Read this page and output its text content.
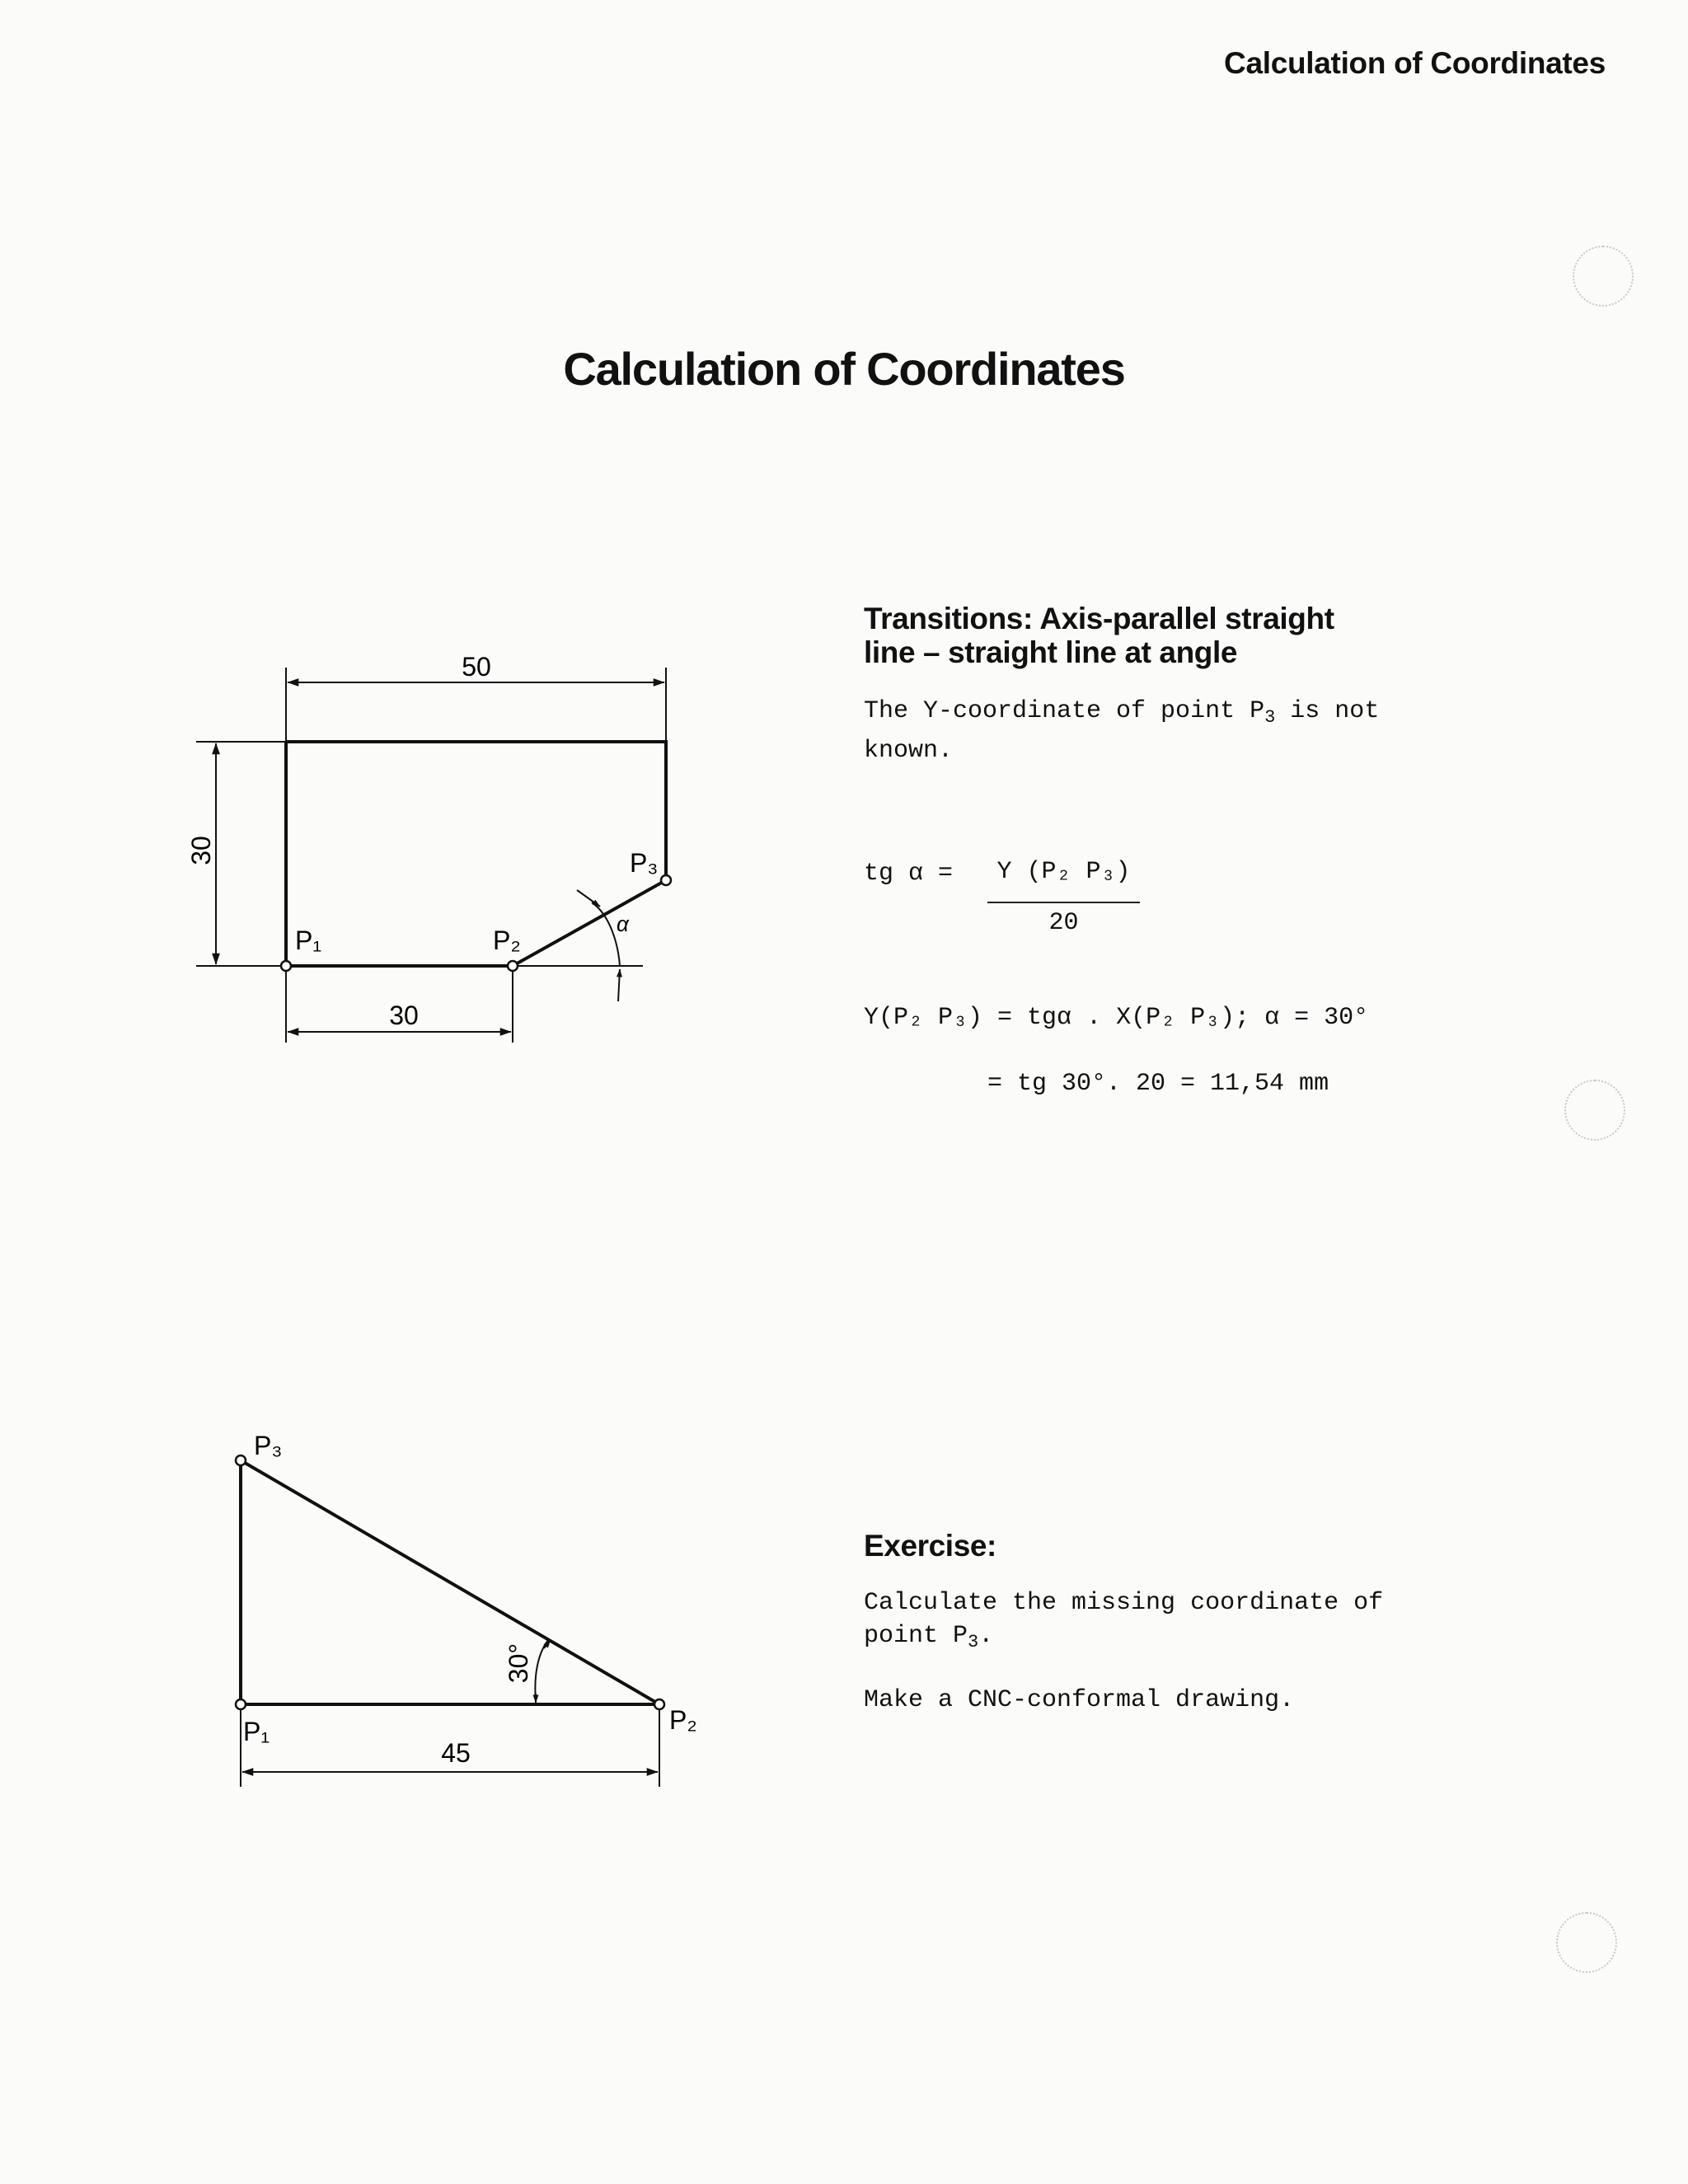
Calculation of Coordinates
Calculation of Coordinates
Transitions: Axis-parallel straight
line – straight line at angle
The Y-coordinate of point $P_3$ is not
known.
tg α =	Y (P₂ P₃)
20
Y(P₂ P₃) = tgα . X(P₂ P₃); α = 30°
= tg 30°. 20 = 11,54 mm
Exercise:
Calculate the missing coordinate of
point $P_3$.
Make a CNC-conformal drawing.
50
30
30
α
P₁	P₂
P₃
45
30°
P₃
P₁	P₂
